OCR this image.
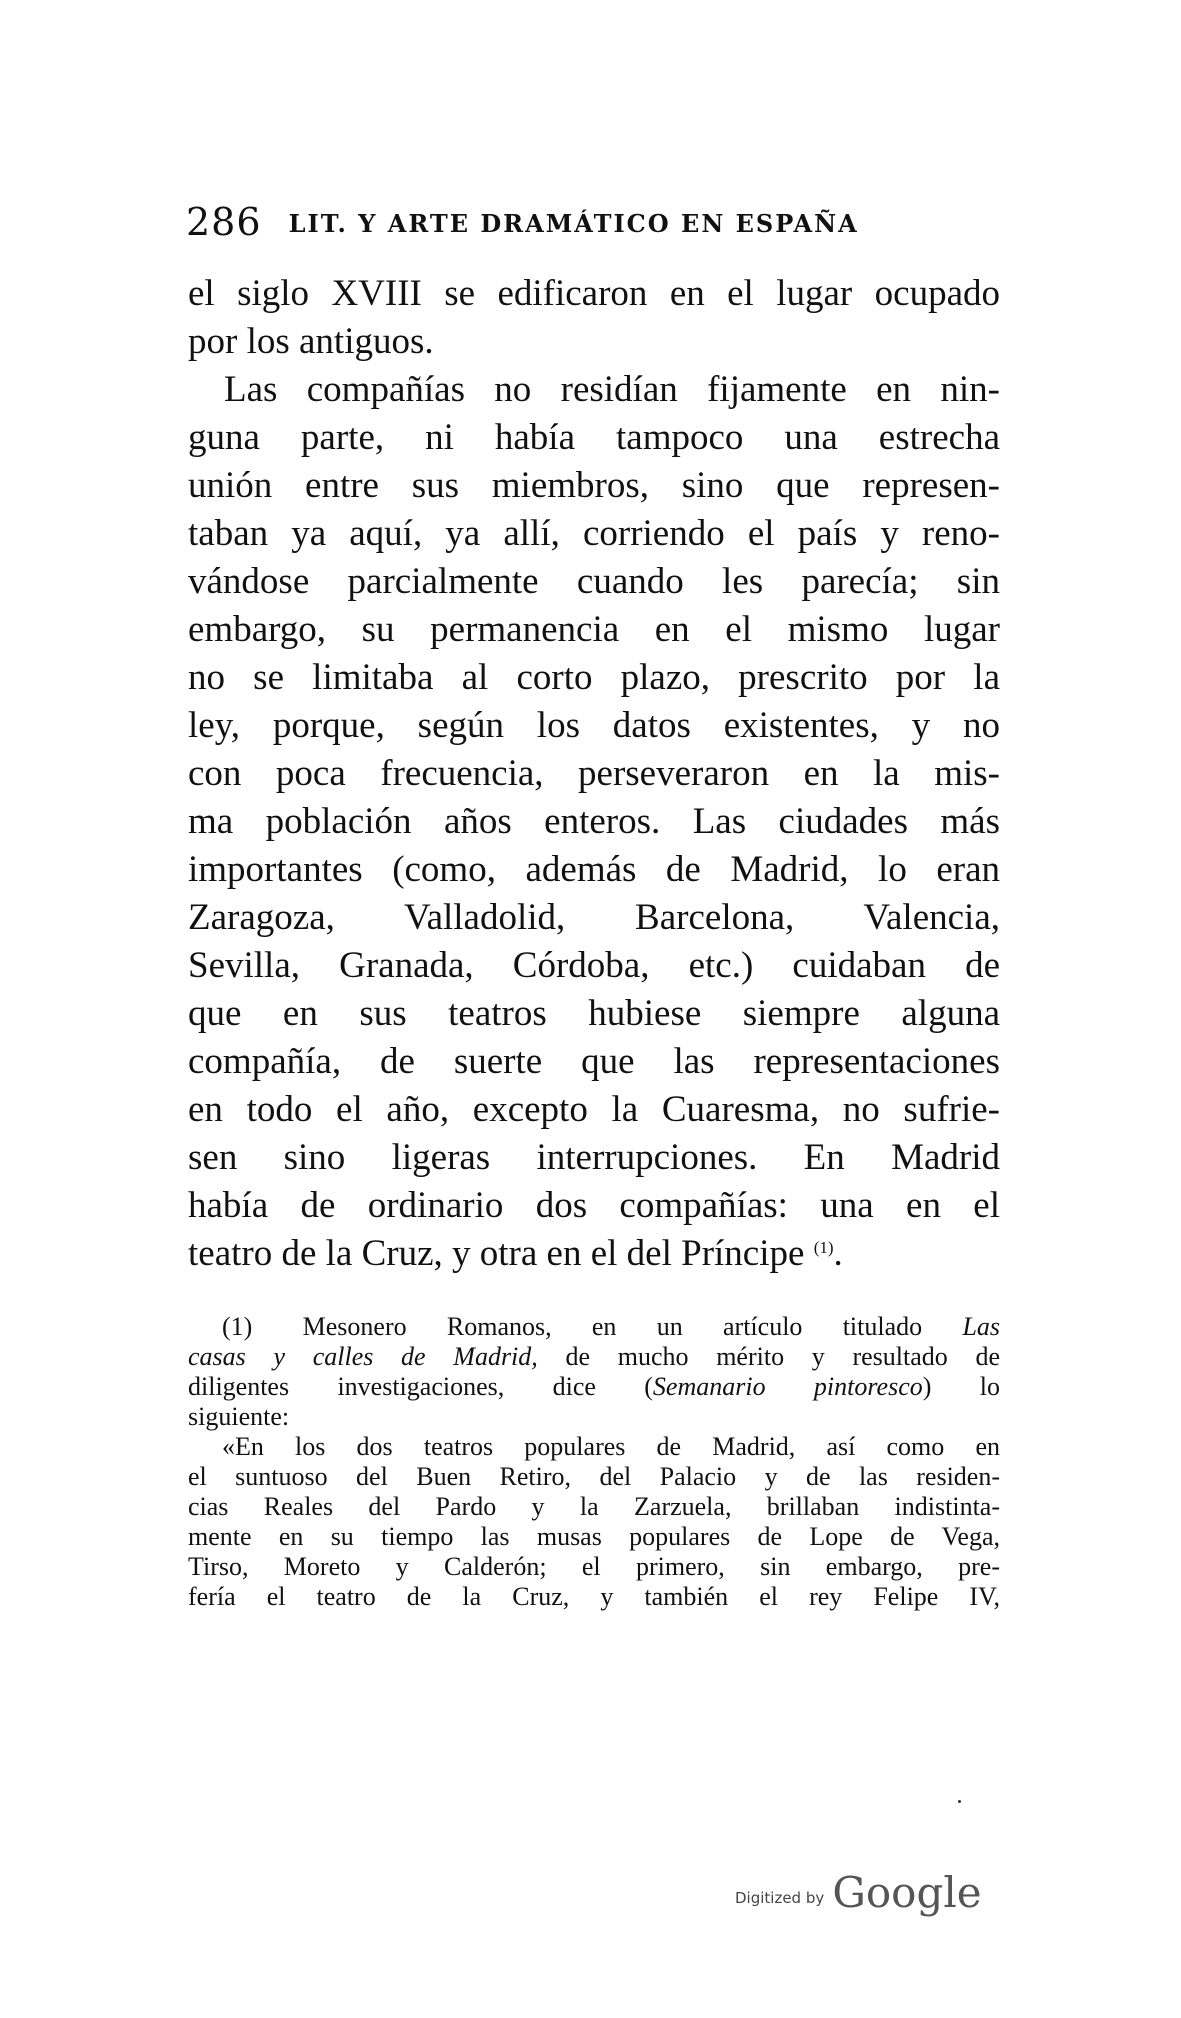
286 LIT. Y ARTE DRAMÁTICO EN ESPAÑA
el siglo XVIII se edificaron en el lugar ocupado
por los antiguos.
Las compañías no residían fijamente en nin-
guna parte, ni había tampoco una estrecha
unión entre sus miembros, sino que represen-
taban ya aquí, ya allí, corriendo el país y reno-
vándose parcialmente cuando les parecía; sin
embargo, su permanencia en el mismo lugar
no se limitaba al corto plazo, prescrito por la
ley, porque, según los datos existentes, y no
con poca frecuencia, perseveraron en la mis-
ma población años enteros. Las ciudades más
importantes (como, además de Madrid, lo eran
Zaragoza, Valladolid, Barcelona, Valencia,
Sevilla, Granada, Córdoba, etc.) cuidaban de
que en sus teatros hubiese siempre alguna
compañía, de suerte que las representaciones
en todo el año, excepto la Cuaresma, no sufrie-
sen sino ligeras interrupciones. En Madrid
había de ordinario dos compañías: una en el
teatro de la Cruz, y otra en el del Príncipe $^{(1)}$.
(1) Mesonero Romanos, en un artículo titulado Las
casas y calles de Madrid, de mucho mérito y resultado de
diligentes investigaciones, dice (Semanario pintoresco) lo
siguiente:
«En los dos teatros populares de Madrid, así como en
el suntuoso del Buen Retiro, del Palacio y de las residen-
cias Reales del Pardo y la Zarzuela, brillaban indistinta-
mente en su tiempo las musas populares de Lope de Vega,
Tirso, Moreto y Calderón; el primero, sin embargo, pre-
fería el teatro de la Cruz, y también el rey Felipe IV,
Digitized by Google
